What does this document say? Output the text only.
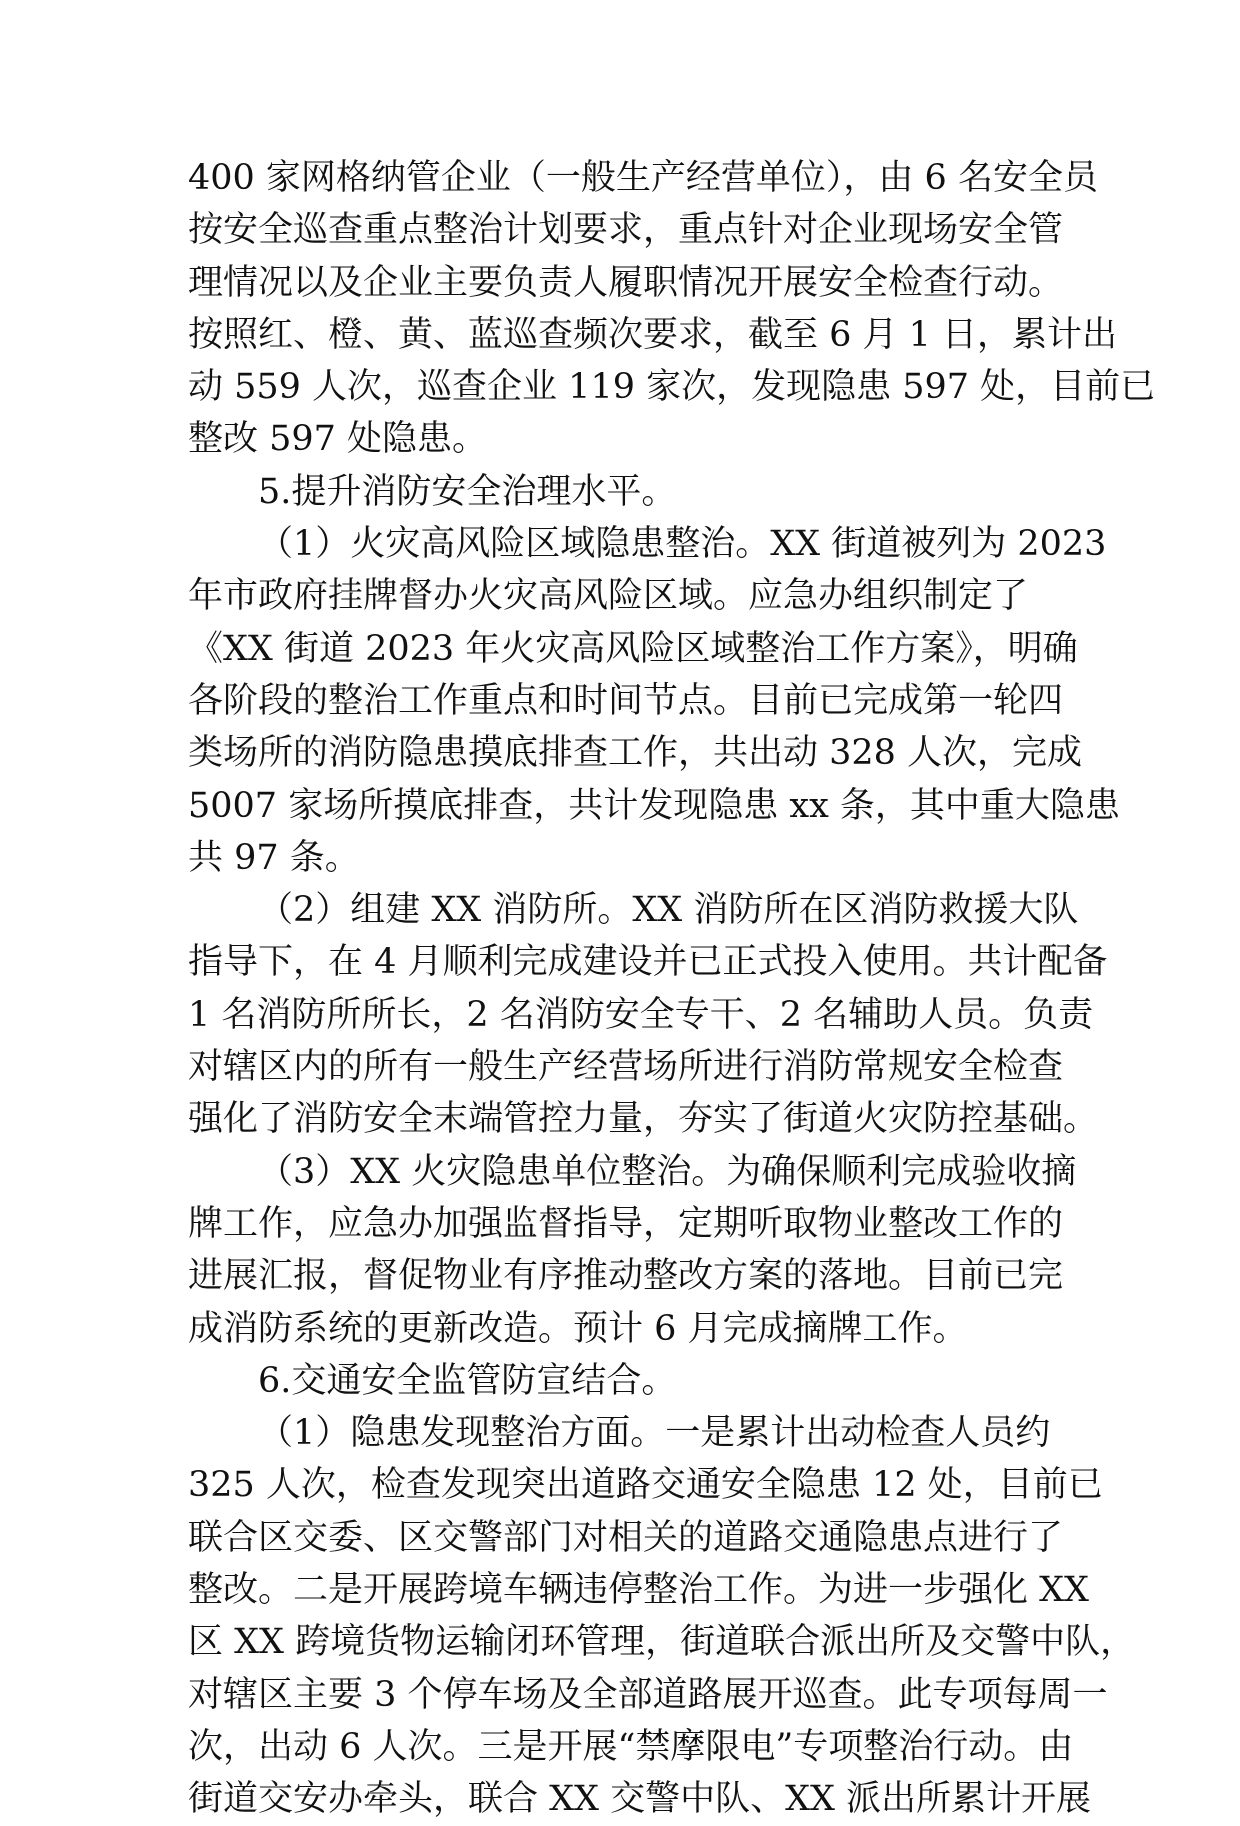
400 家网格纳管企业（一般生产经营单位），由 6 名安全员
按安全巡查重点整治计划要求，重点针对企业现场安全管
理情况以及企业主要负责人履职情况开展安全检查行动。
按照红、橙、黄、蓝巡查频次要求，截至 6 月 1 日，累计出
动 559 人次，巡查企业 119 家次，发现隐患 597 处，目前已
整改 597 处隐患。
5.提升消防安全治理水平。
（1）火灾高风险区域隐患整治。XX 街道被列为 2023
年市政府挂牌督办火灾高风险区域。应急办组织制定了
《XX 街道 2023 年火灾高风险区域整治工作方案》，明确
各阶段的整治工作重点和时间节点。目前已完成第一轮四
类场所的消防隐患摸底排查工作，共出动 328 人次，完成
5007 家场所摸底排查，共计发现隐患 xx 条，其中重大隐患
共 97 条。
（2）组建 XX 消防所。XX 消防所在区消防救援大队
指导下，在 4 月顺利完成建设并已正式投入使用。共计配备
1 名消防所所长，2 名消防安全专干、2 名辅助人员。负责
对辖区内的所有一般生产经营场所进行消防常规安全检查
强化了消防安全末端管控力量，夯实了街道火灾防控基础。
（3）XX 火灾隐患单位整治。为确保顺利完成验收摘
牌工作，应急办加强监督指导，定期听取物业整改工作的
进展汇报，督促物业有序推动整改方案的落地。目前已完
成消防系统的更新改造。预计 6 月完成摘牌工作。
6.交通安全监管防宣结合。
（1）隐患发现整治方面。一是累计出动检查人员约
325 人次，检查发现突出道路交通安全隐患 12 处，目前已
联合区交委、区交警部门对相关的道路交通隐患点进行了
整改。二是开展跨境车辆违停整治工作。为进一步强化 XX
区 XX 跨境货物运输闭环管理，街道联合派出所及交警中队，
对辖区主要 3 个停车场及全部道路展开巡查。此专项每周一
次，出动 6 人次。三是开展“禁摩限电”专项整治行动。由
街道交安办牵头，联合 XX 交警中队、XX 派出所累计开展
